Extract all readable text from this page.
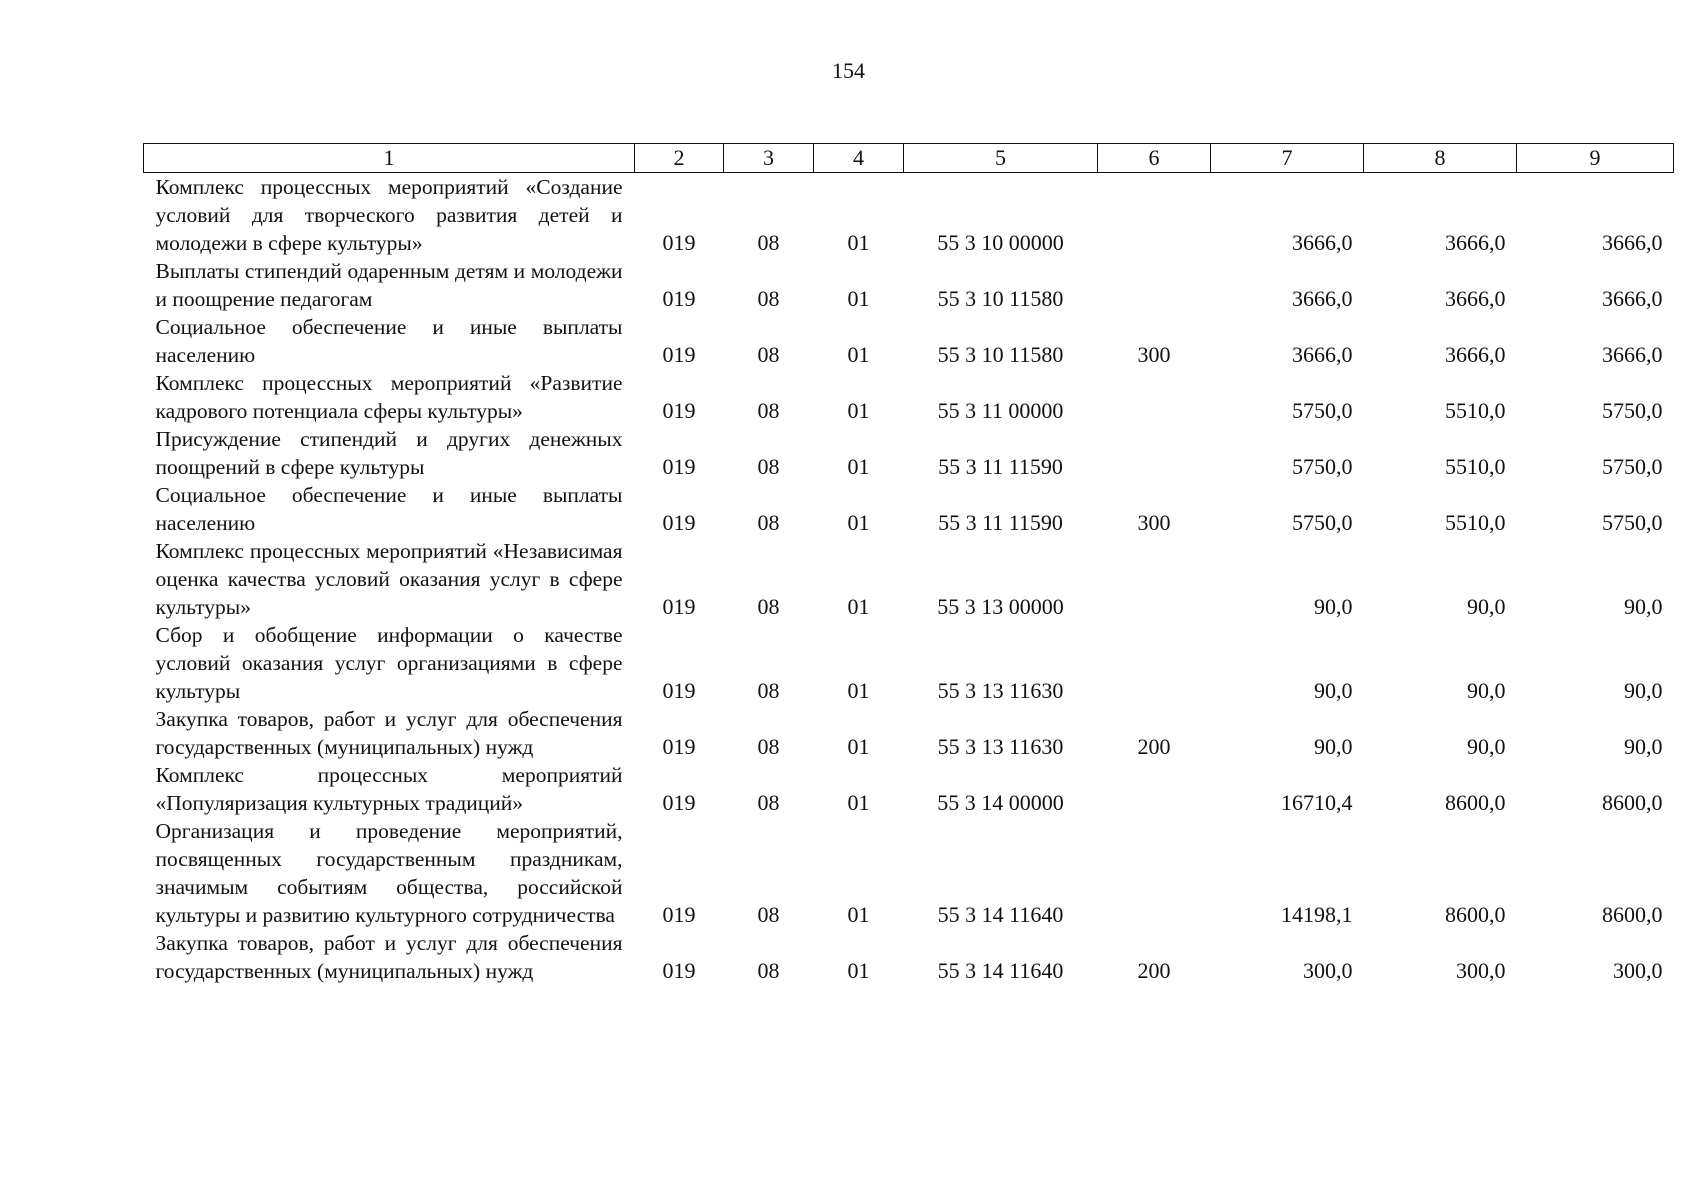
154
1	2	3	4	5	6	7	8	9
Комплекс процессных мероприятий «Создание условий для творческого развития детей и молодежи в сфере культуры»	019	08	01	55 3 10 00000		3666,0	3666,0	3666,0
Выплаты стипендий одаренным детям и молодежи и поощрение педагогам	019	08	01	55 3 10 11580		3666,0	3666,0	3666,0
Социальное обеспечение и иные выплаты населению	019	08	01	55 3 10 11580	300	3666,0	3666,0	3666,0
Комплекс процессных мероприятий «Развитие кадрового потенциала сферы культуры»	019	08	01	55 3 11 00000		5750,0	5510,0	5750,0
Присуждение стипендий и других денежных поощрений в сфере культуры	019	08	01	55 3 11 11590		5750,0	5510,0	5750,0
Социальное обеспечение и иные выплаты населению	019	08	01	55 3 11 11590	300	5750,0	5510,0	5750,0
Комплекс процессных мероприятий «Независимая оценка качества условий оказания услуг в сфере культуры»	019	08	01	55 3 13 00000		90,0	90,0	90,0
Сбор и обобщение информации о качестве условий оказания услуг организациями в сфере культуры	019	08	01	55 3 13 11630		90,0	90,0	90,0
Закупка товаров, работ и услуг для обеспечения государственных (муниципальных) нужд	019	08	01	55 3 13 11630	200	90,0	90,0	90,0
Комплекс процессных мероприятий «Популяризация культурных традиций»	019	08	01	55 3 14 00000		16710,4	8600,0	8600,0
Организация и проведение мероприятий, посвященных государственным праздникам, значимым событиям общества, российской культуры и развитию культурного сотрудничества	019	08	01	55 3 14 11640		14198,1	8600,0	8600,0
Закупка товаров, работ и услуг для обеспечения государственных (муниципальных) нужд	019	08	01	55 3 14 11640	200	300,0	300,0	300,0
